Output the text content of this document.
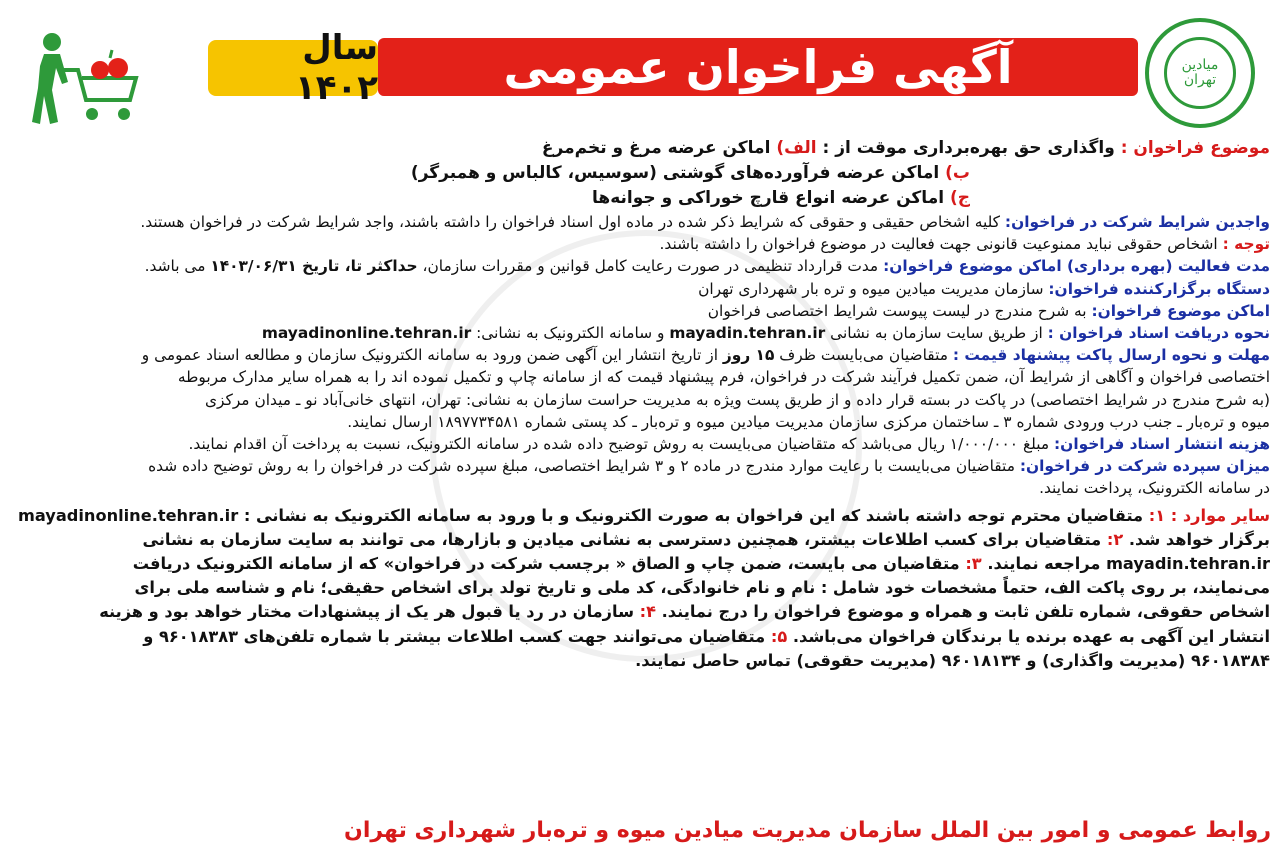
میادین تهران
آگهی فراخوان عمومی
سال ۱۴۰۲
موضوع فراخوان : واگذاری حق بهره‌برداری موقت از : الف) اماکن عرضه مرغ و تخم‌مرغ
ب) اماکن عرضه فرآورده‌های گوشتی (سوسیس، کالباس و همبرگر)
ج) اماکن عرضه انواع قارچ خوراکی و جوانه‌ها
واجدین شرایط شرکت در فراخوان: کلیه اشخاص حقیقی و حقوقی که شرایط ذکر شده در ماده اول اسناد فراخوان را داشته باشند، واجد شرایط شرکت در فراخوان هستند.
توجه : اشخاص حقوقی نباید ممنوعیت قانونی جهت فعالیت در موضوع فراخوان را داشته باشند.
مدت فعالیت (بهره برداری) اماکن موضوع فراخوان: مدت قرارداد تنظیمی در صورت رعایت کامل قوانین و مقررات سازمان، حداکثر تا، تاریخ ۱۴۰۳/۰۶/۳۱ می باشد.
دستگاه برگزارکننده فراخوان: سازمان مدیریت میادین میوه و تره بار شهرداری تهران
اماکن موضوع فراخوان: به شرح مندرج در لیست پیوست شرایط اختصاصی فراخوان
نحوه دریافت اسناد فراخوان : از طریق سایت سازمان به نشانی mayadin.tehran.ir و سامانه الکترونیک به نشانی: mayadinonline.tehran.ir
مهلت و نحوه ارسال پاکت پیشنهاد قیمت : متقاضیان می‌بایست ظرف ۱۵ روز از تاریخ انتشار این آگهی ضمن ورود به سامانه الکترونیک سازمان و مطالعه اسناد عمومی و
اختصاصی فراخوان و آگاهی از شرایط آن، ضمن تکمیل فرآیند شرکت در فراخوان، فرم پیشنهاد قیمت که از سامانه چاپ و تکمیل نموده اند را به همراه سایر مدارک مربوطه
(به شرح مندرج در شرایط اختصاصی) در پاکت در بسته قرار داده و از طریق پست ویژه به مدیریت حراست سازمان به نشانی: تهران، انتهای خانی‌آباد نو ـ میدان مرکزی
میوه و تره‌بار ـ جنب درب ورودی شماره ۳ ـ ساختمان مرکزی سازمان مدیریت میادین میوه و تره‌بار ـ کد پستی شماره ۱۸۹۷۷۳۴۵۸۱ ارسال نمایند.
هزینه انتشار اسناد فراخوان: مبلغ ۱/۰۰۰/۰۰۰ ریال می‌باشد که متقاضیان می‌بایست به روش توضیح داده شده در سامانه الکترونیک، نسبت به پرداخت آن اقدام نمایند.
میزان سپرده شرکت در فراخوان: متقاضیان می‌بایست با رعایت موارد مندرج در ماده ۲ و ۳ شرایط اختصاصی، مبلغ سپرده شرکت در فراخوان را به روش توضیح داده شده
در سامانه الکترونیک، پرداخت نمایند.
سایر موارد : ۱: متقاضیان محترم توجه داشته باشند که این فراخوان به صورت الکترونیک و با ورود به سامانه الکترونیک به نشانی : mayadinonline.tehran.ir
برگزار خواهد شد. ۲: متقاضیان برای کسب اطلاعات بیشتر، همچنین دسترسی به نشانی میادین و بازارها، می توانند به سایت سازمان به نشانی
mayadin.tehran.ir مراجعه نمایند. ۳: متقاضیان می بایست، ضمن چاپ و الصاق « برچسب شرکت در فراخوان» که از سامانه الکترونیک دریافت
می‌نمایند، بر روی پاکت الف، حتماً مشخصات خود شامل : نام و نام خانوادگی، کد ملی و تاریخ تولد برای اشخاص حقیقی؛ نام و شناسه ملی برای
اشخاص حقوقی، شماره تلفن ثابت و همراه و موضوع فراخوان را درج نمایند. ۴: سازمان در رد یا قبول هر یک از پیشنهادات مختار خواهد بود و هزینه
انتشار این آگهی به عهده برنده یا برندگان فراخوان می‌باشد. ۵: متقاضیان می‌توانند جهت کسب اطلاعات بیشتر با شماره تلفن‌های ۹۶۰۱۸۳۸۳ و
۹۶۰۱۸۳۸۴ (مدیریت واگذاری) و ۹۶۰۱۸۱۳۴ (مدیریت حقوقی) تماس حاصل نمایند.
روابط عمومی و امور بین الملل سازمان مدیریت میادین میوه و تره‌بار شهرداری تهران
